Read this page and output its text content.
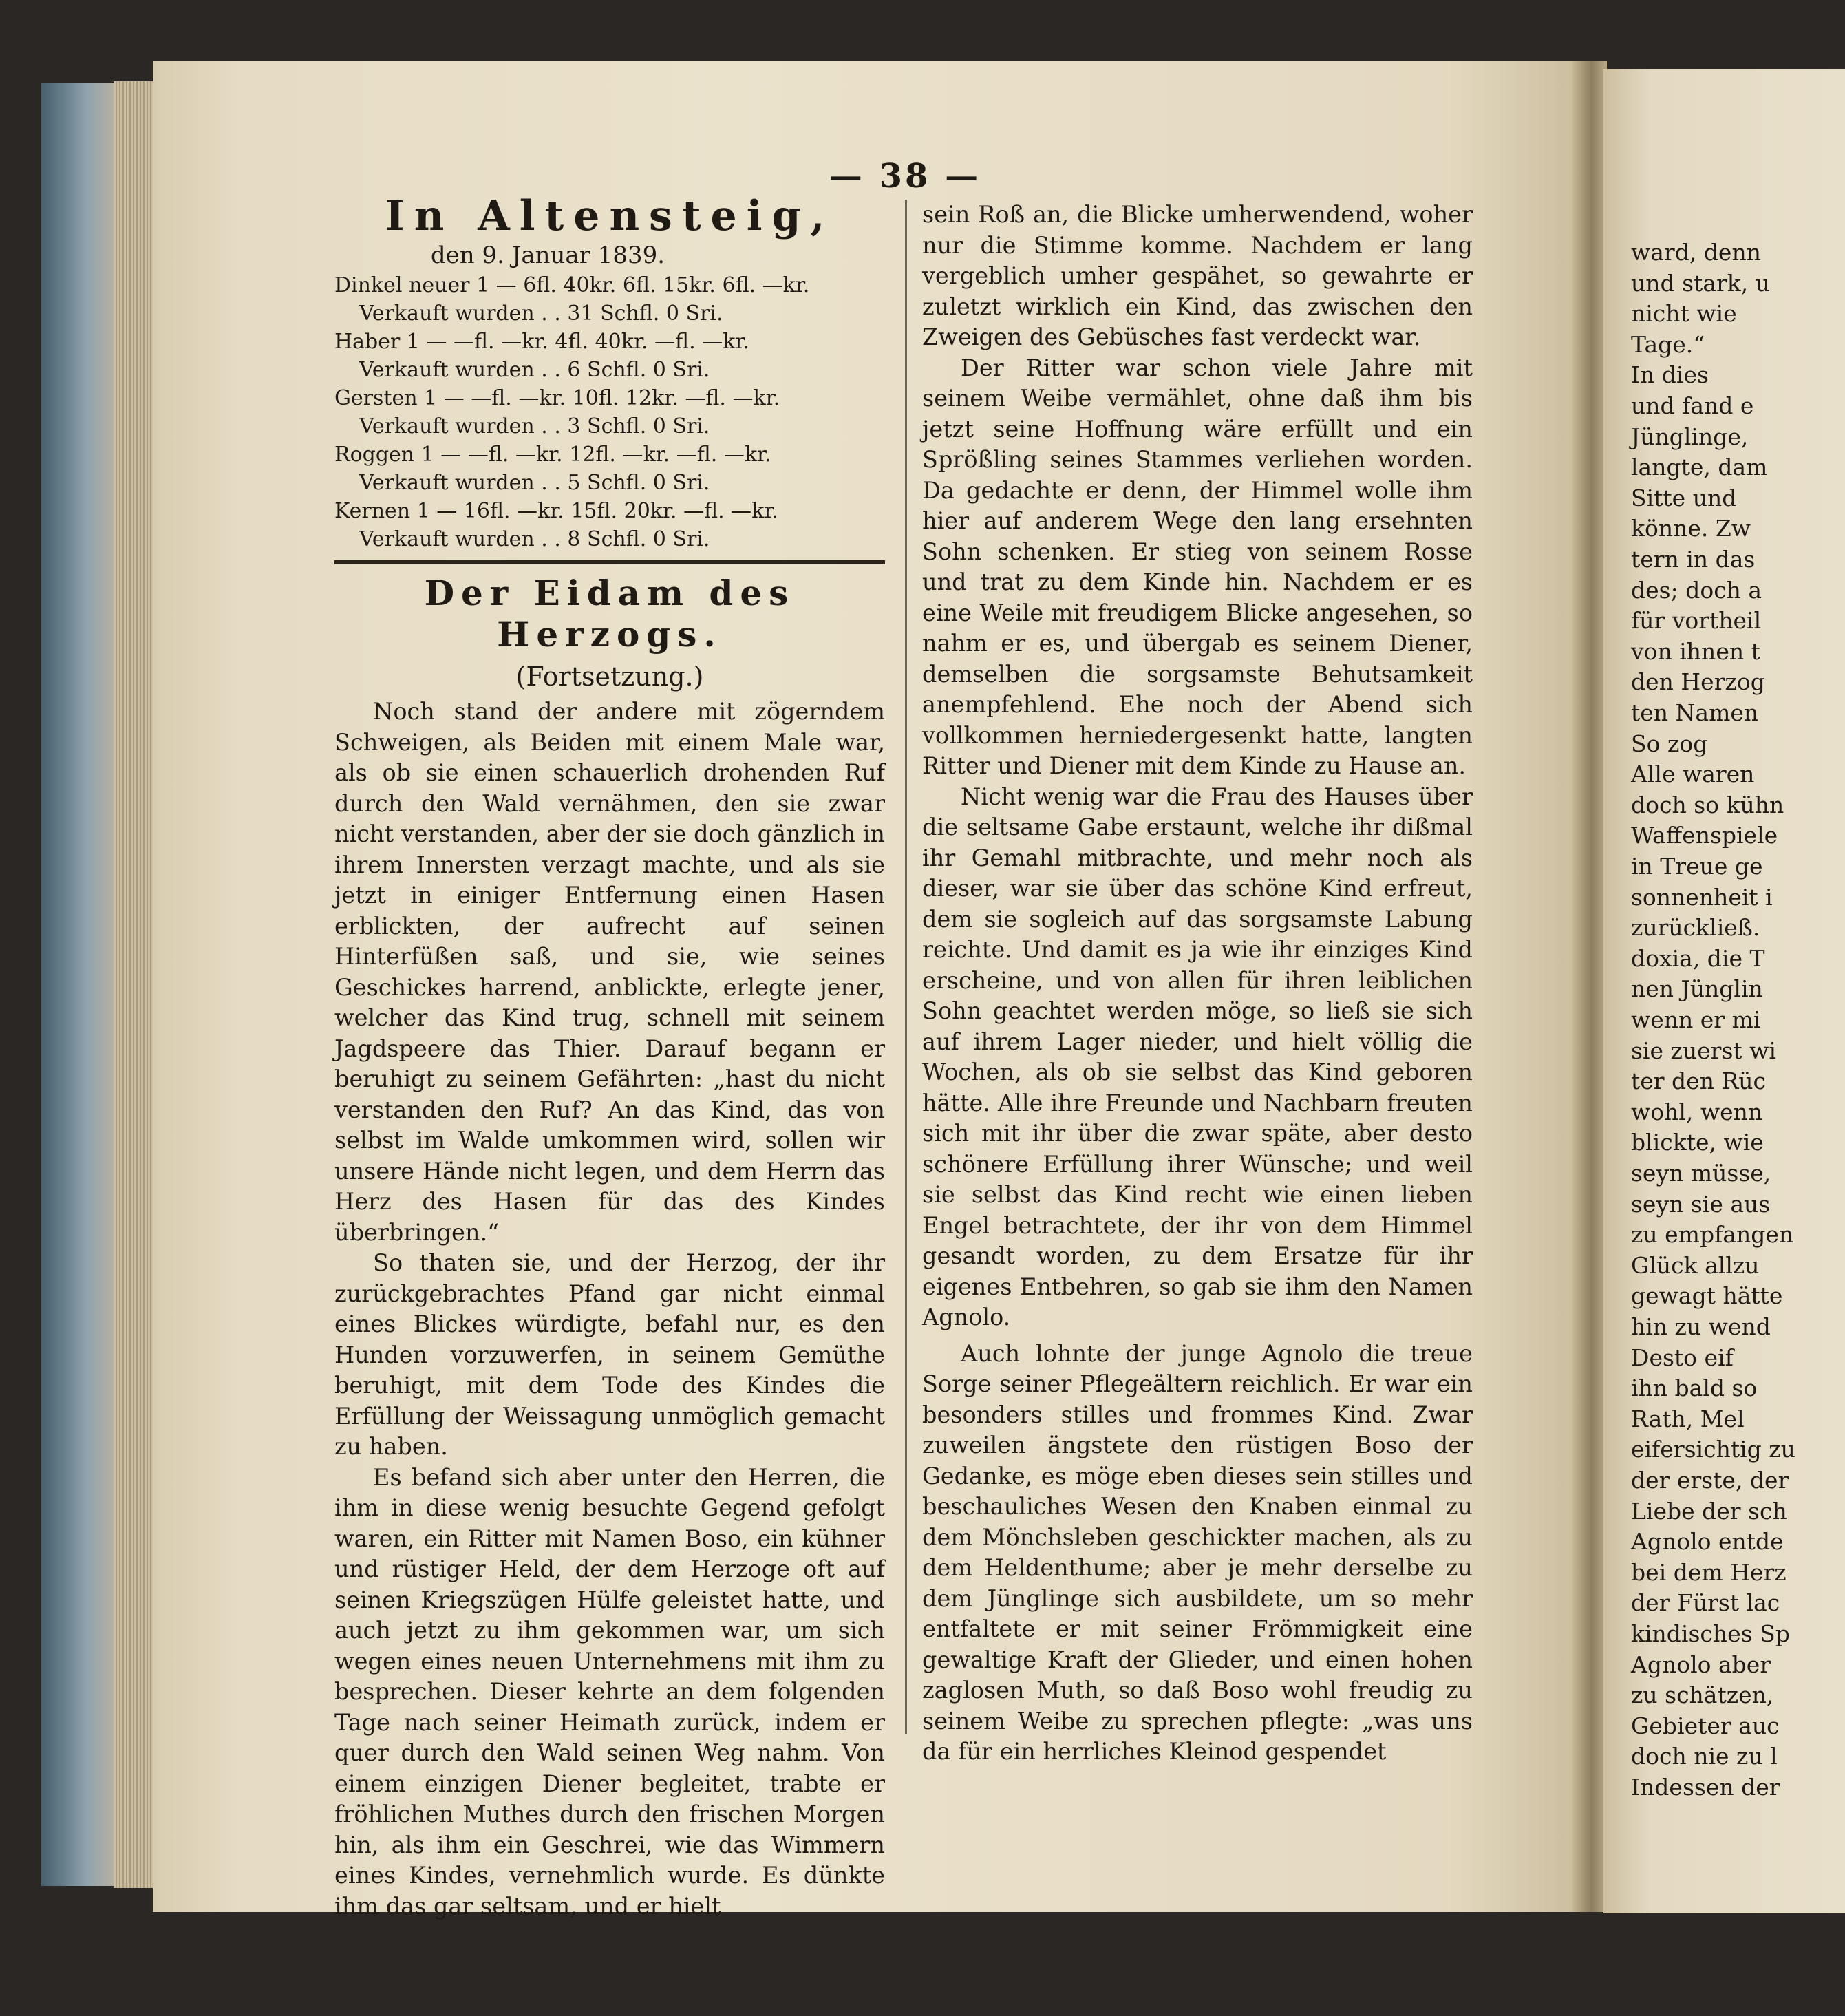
ward, denn
und stark, u
nicht wie
Tage.“
In dies
und fand e
Jünglinge,
langte, dam
Sitte und
könne. Zw
tern in das
des; doch a
für vortheil
von ihnen t
den Herzog
ten Namen
So zog
Alle waren
doch so kühn
Waffenspiele
in Treue ge
sonnenheit i
zurückließ.
doxia, die T
nen Jünglin
wenn er mi
sie zuerst wi
ter den Rüc
wohl, wenn
blickte, wie
seyn müsse,
seyn sie aus
zu empfangen
Glück allzu
gewagt hätte
hin zu wend
Desto eif
ihn bald so
Rath, Mel
eifersichtig zu
der erste, der
Liebe der sch
Agnolo entde
bei dem Herz
der Fürst lac
kindisches Sp
Agnolo aber
zu schätzen,
Gebieter auc
doch nie zu l
Indessen der
— 38 —
In Altensteig,
den 9. Januar 1839.
Dinkel neuer 1 — 6fl. 40kr. 6fl. 15kr. 6fl. —kr.
Verkauft wurden . . 31 Schfl. 0 Sri.
Haber 1 — —fl. —kr. 4fl. 40kr. —fl. —kr.
Verkauft wurden . . 6 Schfl. 0 Sri.
Gersten 1 — —fl. —kr. 10fl. 12kr. —fl. —kr.
Verkauft wurden . . 3 Schfl. 0 Sri.
Roggen 1 — —fl. —kr. 12fl. —kr. —fl. —kr.
Verkauft wurden . . 5 Schfl. 0 Sri.
Kernen 1 — 16fl. —kr. 15fl. 20kr. —fl. —kr.
Verkauft wurden . . 8 Schfl. 0 Sri.
Der Eidam des Herzogs.
(Fortsetzung.)

Noch stand der andere mit zögerndem Schweigen, als Beiden mit einem Male war, als ob sie einen schauerlich drohenden Ruf durch den Wald vernähmen, den sie zwar nicht verstanden, aber der sie doch gänzlich in ihrem Innersten verzagt machte, und als sie jetzt in einiger Entfernung einen Hasen erblickten, der aufrecht auf seinen Hinterfüßen saß, und sie, wie seines Geschickes harrend, anblickte, erlegte jener, welcher das Kind trug, schnell mit seinem Jagdspeere das Thier. Darauf begann er beruhigt zu seinem Gefährten: „hast du nicht verstanden den Ruf? An das Kind, das von selbst im Walde umkommen wird, sollen wir unsere Hände nicht legen, und dem Herrn das Herz des Hasen für das des Kindes überbringen.“

So thaten sie, und der Herzog, der ihr zurückgebrachtes Pfand gar nicht einmal eines Blickes würdigte, befahl nur, es den Hunden vorzuwerfen, in seinem Gemüthe beruhigt, mit dem Tode des Kindes die Erfüllung der Weissagung unmöglich gemacht zu haben.

Es befand sich aber unter den Herren, die ihm in diese wenig besuchte Gegend gefolgt waren, ein Ritter mit Namen Boso, ein kühner und rüstiger Held, der dem Herzoge oft auf seinen Kriegszügen Hülfe geleistet hatte, und auch jetzt zu ihm gekommen war, um sich wegen eines neuen Unternehmens mit ihm zu besprechen. Dieser kehrte an dem folgenden Tage nach seiner Heimath zurück, indem er quer durch den Wald seinen Weg nahm. Von einem einzigen Diener begleitet, trabte er fröhlichen Muthes durch den frischen Morgen hin, als ihm ein Geschrei, wie das Wimmern eines Kindes, vernehmlich wurde. Es dünkte ihm das gar seltsam, und er hielt

sein Roß an, die Blicke umherwendend, woher nur die Stimme komme. Nachdem er lang vergeblich umher gespähet, so gewahrte er zuletzt wirklich ein Kind, das zwischen den Zweigen des Gebüsches fast verdeckt war.

Der Ritter war schon viele Jahre mit seinem Weibe vermählet, ohne daß ihm bis jetzt seine Hoffnung wäre erfüllt und ein Sprößling seines Stammes verliehen worden. Da gedachte er denn, der Himmel wolle ihm hier auf anderem Wege den lang ersehnten Sohn schenken. Er stieg von seinem Rosse und trat zu dem Kinde hin. Nachdem er es eine Weile mit freudigem Blicke angesehen, so nahm er es, und übergab es seinem Diener, demselben die sorgsamste Behutsamkeit anempfehlend. Ehe noch der Abend sich vollkommen herniedergesenkt hatte, langten Ritter und Diener mit dem Kinde zu Hause an.

Nicht wenig war die Frau des Hauses über die seltsame Gabe erstaunt, welche ihr dißmal ihr Gemahl mitbrachte, und mehr noch als dieser, war sie über das schöne Kind erfreut, dem sie sogleich auf das sorgsamste Labung reichte. Und damit es ja wie ihr einziges Kind erscheine, und von allen für ihren leiblichen Sohn geachtet werden möge, so ließ sie sich auf ihrem Lager nieder, und hielt völlig die Wochen, als ob sie selbst das Kind geboren hätte. Alle ihre Freunde und Nachbarn freuten sich mit ihr über die zwar späte, aber desto schönere Erfüllung ihrer Wünsche; und weil sie selbst das Kind recht wie einen lieben Engel betrachtete, der ihr von dem Himmel gesandt worden, zu dem Ersatze für ihr eigenes Entbehren, so gab sie ihm den Namen Agnolo.

Auch lohnte der junge Agnolo die treue Sorge seiner Pflegeältern reichlich. Er war ein besonders stilles und frommes Kind. Zwar zuweilen ängstete den rüstigen Boso der Gedanke, es möge eben dieses sein stilles und beschauliches Wesen den Knaben einmal zu dem Mönchsleben geschickter machen, als zu dem Heldenthume; aber je mehr derselbe zu dem Jünglinge sich ausbildete, um so mehr entfaltete er mit seiner Frömmigkeit eine gewaltige Kraft der Glieder, und einen hohen zaglosen Muth, so daß Boso wohl freudig zu seinem Weibe zu sprechen pflegte: „was uns da für ein herrliches Kleinod gespendet
